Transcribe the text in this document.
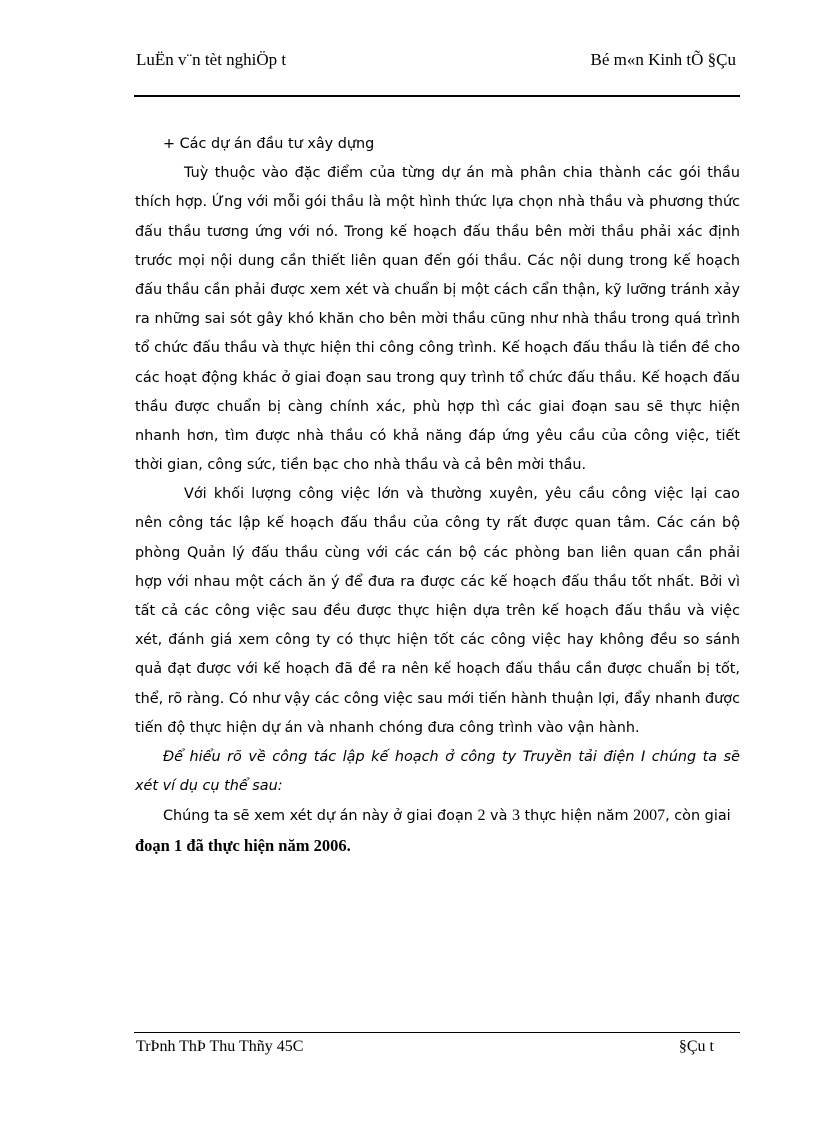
LuËn v¨n tèt nghiÖp t	Bé m«n Kinh tÕ §Çu
+ Các dự án đầu tư xây dựng
Tuỳ thuộc vào đặc điểm của từng dự án mà phân chia thành các gói thầu
thích hợp. Ứng với mỗi gói thầu là một hình thức lựa chọn nhà thầu và phương thức
đấu thầu tương ứng với nó. Trong kế hoạch đấu thầu bên mời thầu phải xác định
trước mọi nội dung cần thiết liên quan đến gói thầu. Các nội dung trong kế hoạch
đấu thầu cần phải được xem xét và chuẩn bị một cách cẩn thận, kỹ lưỡng tránh xảy
ra những sai sót gây khó khăn cho bên mời thầu cũng như nhà thầu trong quá trình
tổ chức đấu thầu và thực hiện thi công công trình. Kế hoạch đấu thầu là tiền đề cho
các hoạt động khác ở giai đoạn sau trong quy trình tổ chức đấu thầu. Kế hoạch đấu
thầu được chuẩn bị càng chính xác, phù hợp thì các giai đoạn sau sẽ thực hiện
nhanh hơn, tìm được nhà thầu có khả năng đáp ứng yêu cầu của công việc, tiết
thời gian, công sức, tiền bạc cho nhà thầu và cả bên mời thầu.
Với khối lượng công việc lớn và thường xuyên, yêu cầu công việc lại cao
nên công tác lập kế hoạch đấu thầu của công ty rất được quan tâm. Các cán bộ
phòng Quản lý đấu thầu cùng với các cán bộ các phòng ban liên quan cần phải
hợp với nhau một cách ăn ý để đưa ra được các kế hoạch đấu thầu tốt nhất. Bởi vì
tất cả các công việc sau đều được thực hiện dựa trên kế hoạch đấu thầu và việc
xét, đánh giá xem công ty có thực hiện tốt các công việc hay không đều so sánh
quả đạt được với kế hoạch đã đề ra nên kế hoạch đấu thầu cần được chuẩn bị tốt,
thể, rõ ràng. Có như vậy các công việc sau mới tiến hành thuận lợi, đẩy nhanh được
tiến độ thực hiện dự án và nhanh chóng đưa công trình vào vận hành.
Để hiểu rõ về công tác lập kế hoạch ở công ty Truyền tải điện I chúng ta sẽ
xét ví dụ cụ thể sau:
Chúng ta sẽ xem xét dự án này ở giai đoạn 2 và 3 thực hiện năm 2007, còn giai
đoạn 1 đã thực hiện năm 2006.
TrÞnh ThÞ Thu Thñy 45C	§Çu t
